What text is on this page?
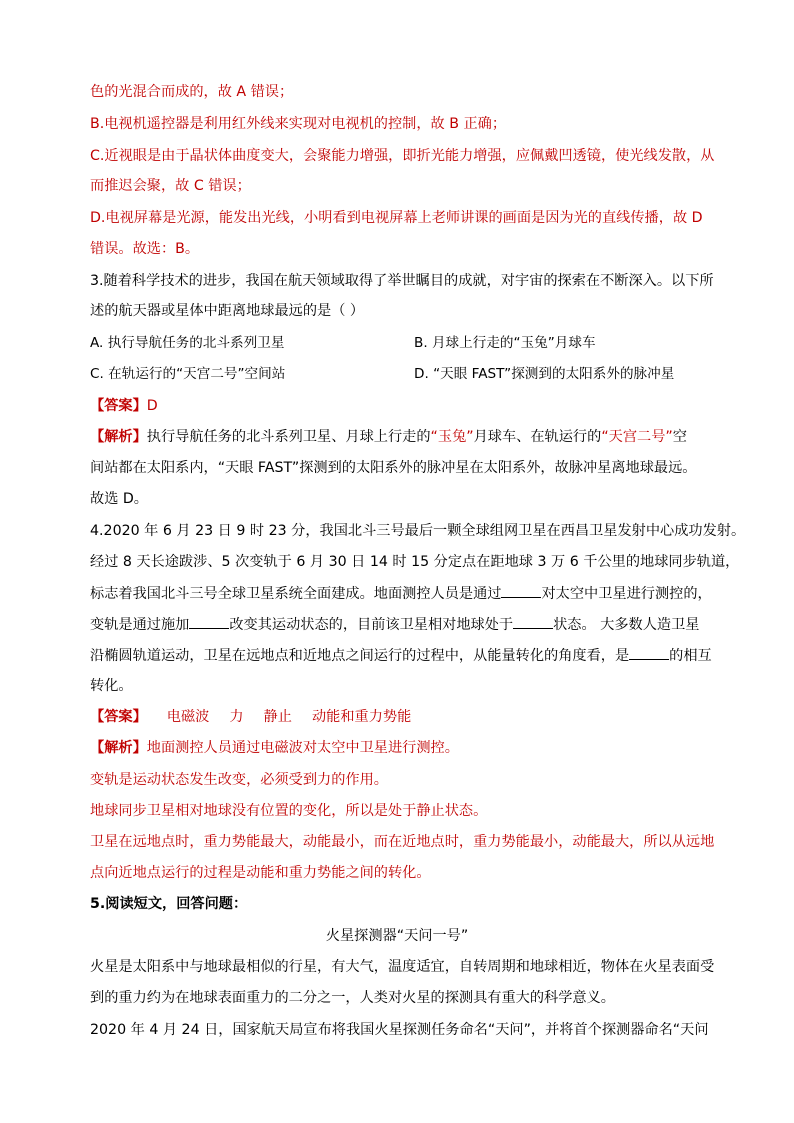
色的光混合而成的，故 A 错误；
B.电视机遥控器是利用红外线来实现对电视机的控制，故 B 正确；
C.近视眼是由于晶状体曲度变大，会聚能力增强，即折光能力增强，应佩戴凹透镜，使光线发散，从
而推迟会聚，故 C 错误；
D.电视屏幕是光源，能发出光线，小明看到电视屏幕上老师讲课的画面是因为光的直线传播，故 D
错误。故选：B。
3.随着科学技术的进步，我国在航天领域取得了举世瞩目的成就，对宇宙的探索在不断深入。以下所
述的航天器或星体中距离地球最远的是（ ）
A. 执行导航任务的北斗系列卫星	B. 月球上行走的“玉兔”月球车
C. 在轨运行的“天宫二号”空间站	D. “天眼 FAST”探测到的太阳系外的脉冲星
【答案】D
【解析】执行导航任务的北斗系列卫星、月球上行走的“玉兔”月球车、在轨运行的“天宫二号”空
间站都在太阳系内，“天眼 FAST”探测到的太阳系外的脉冲星在太阳系外，故脉冲星离地球最远。
故选 D。
4.2020 年 6 月 23 日 9 时 23 分，我国北斗三号最后一颗全球组网卫星在西昌卫星发射中心成功发射。
经过 8 天长途跋涉、5 次变轨于 6 月 30 日 14 时 15 分定点在距地球 3 万 6 千公里的地球同步轨道，
标志着我国北斗三号全球卫星系统全面建成。地面测控人员是通过	对太空中卫星进行测控的，
变轨是通过施加	改变其运动状态的，目前该卫星相对地球处于	状态。 大多数人造卫星
沿椭圆轨道运动，卫星在远地点和近地点之间运行的过程中，从能量转化的角度看，是	的相互
转化。
【答案】 电磁波 力 静止 动能和重力势能
【解析】地面测控人员通过电磁波对太空中卫星进行测控。
变轨是运动状态发生改变，必须受到力的作用。
地球同步卫星相对地球没有位置的变化，所以是处于静止状态。
卫星在远地点时，重力势能最大，动能最小，而在近地点时，重力势能最小，动能最大，所以从远地
点向近地点运行的过程是动能和重力势能之间的转化。
5.阅读短文，回答问题：
火星探测器“天问一号”
火星是太阳系中与地球最相似的行星，有大气，温度适宜，自转周期和地球相近，物体在火星表面受
到的重力约为在地球表面重力的二分之一，人类对火星的探测具有重大的科学意义。
2020 年 4 月 24 日，国家航天局宣布将我国火星探测任务命名“天问”，并将首个探测器命名“天问
